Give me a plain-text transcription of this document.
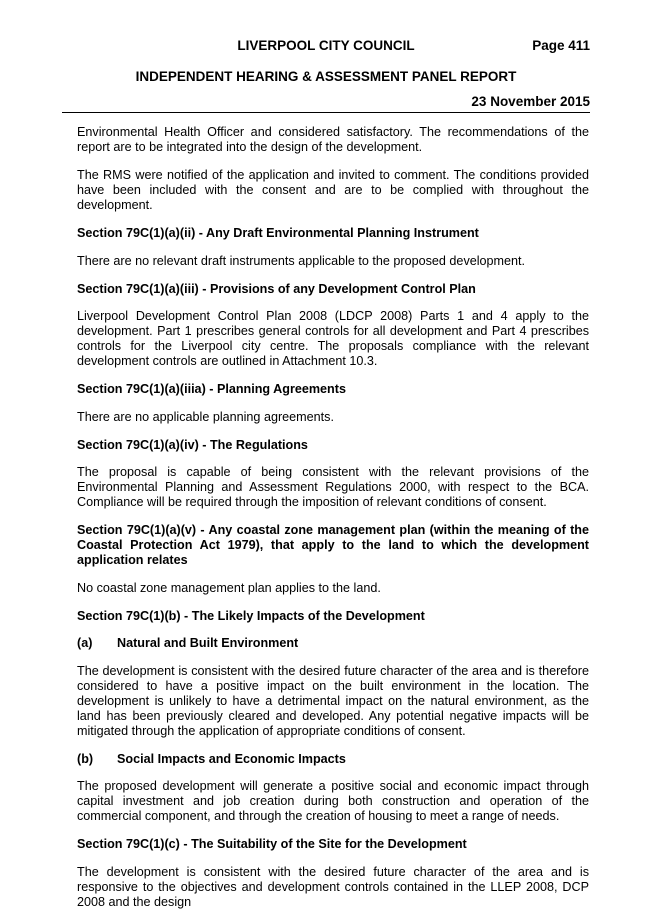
LIVERPOOL CITY COUNCIL	Page 411
INDEPENDENT HEARING & ASSESSMENT PANEL REPORT
23 November 2015

Environmental Health Officer and considered satisfactory. The recommendations of the report are to be integrated into the design of the development.

The RMS were notified of the application and invited to comment. The conditions provided have been included with the consent and are to be complied with throughout the development.

Section 79C(1)(a)(ii) - Any Draft Environmental Planning Instrument

There are no relevant draft instruments applicable to the proposed development.

Section 79C(1)(a)(iii) - Provisions of any Development Control Plan

Liverpool Development Control Plan 2008 (LDCP 2008) Parts 1 and 4 apply to the development. Part 1 prescribes general controls for all development and Part 4 prescribes controls for the Liverpool city centre. The proposals compliance with the relevant development controls are outlined in Attachment 10.3.

Section 79C(1)(a)(iiia) - Planning Agreements

There are no applicable planning agreements.

Section 79C(1)(a)(iv) - The Regulations

The proposal is capable of being consistent with the relevant provisions of the Environmental Planning and Assessment Regulations 2000, with respect to the BCA. Compliance will be required through the imposition of relevant conditions of consent.

Section 79C(1)(a)(v) - Any coastal zone management plan (within the meaning of the Coastal Protection Act 1979), that apply to the land to which the development application relates

No coastal zone management plan applies to the land.

Section 79C(1)(b) - The Likely Impacts of the Development

(a) Natural and Built Environment

The development is consistent with the desired future character of the area and is therefore considered to have a positive impact on the built environment in the location. The development is unlikely to have a detrimental impact on the natural environment, as the land has been previously cleared and developed. Any potential negative impacts will be mitigated through the application of appropriate conditions of consent.

(b) Social Impacts and Economic Impacts

The proposed development will generate a positive social and economic impact through capital investment and job creation during both construction and operation of the commercial component, and through the creation of housing to meet a range of needs.

Section 79C(1)(c) - The Suitability of the Site for the Development

The development is consistent with the desired future character of the area and is responsive to the objectives and development controls contained in the LLEP 2008, DCP 2008 and the design
